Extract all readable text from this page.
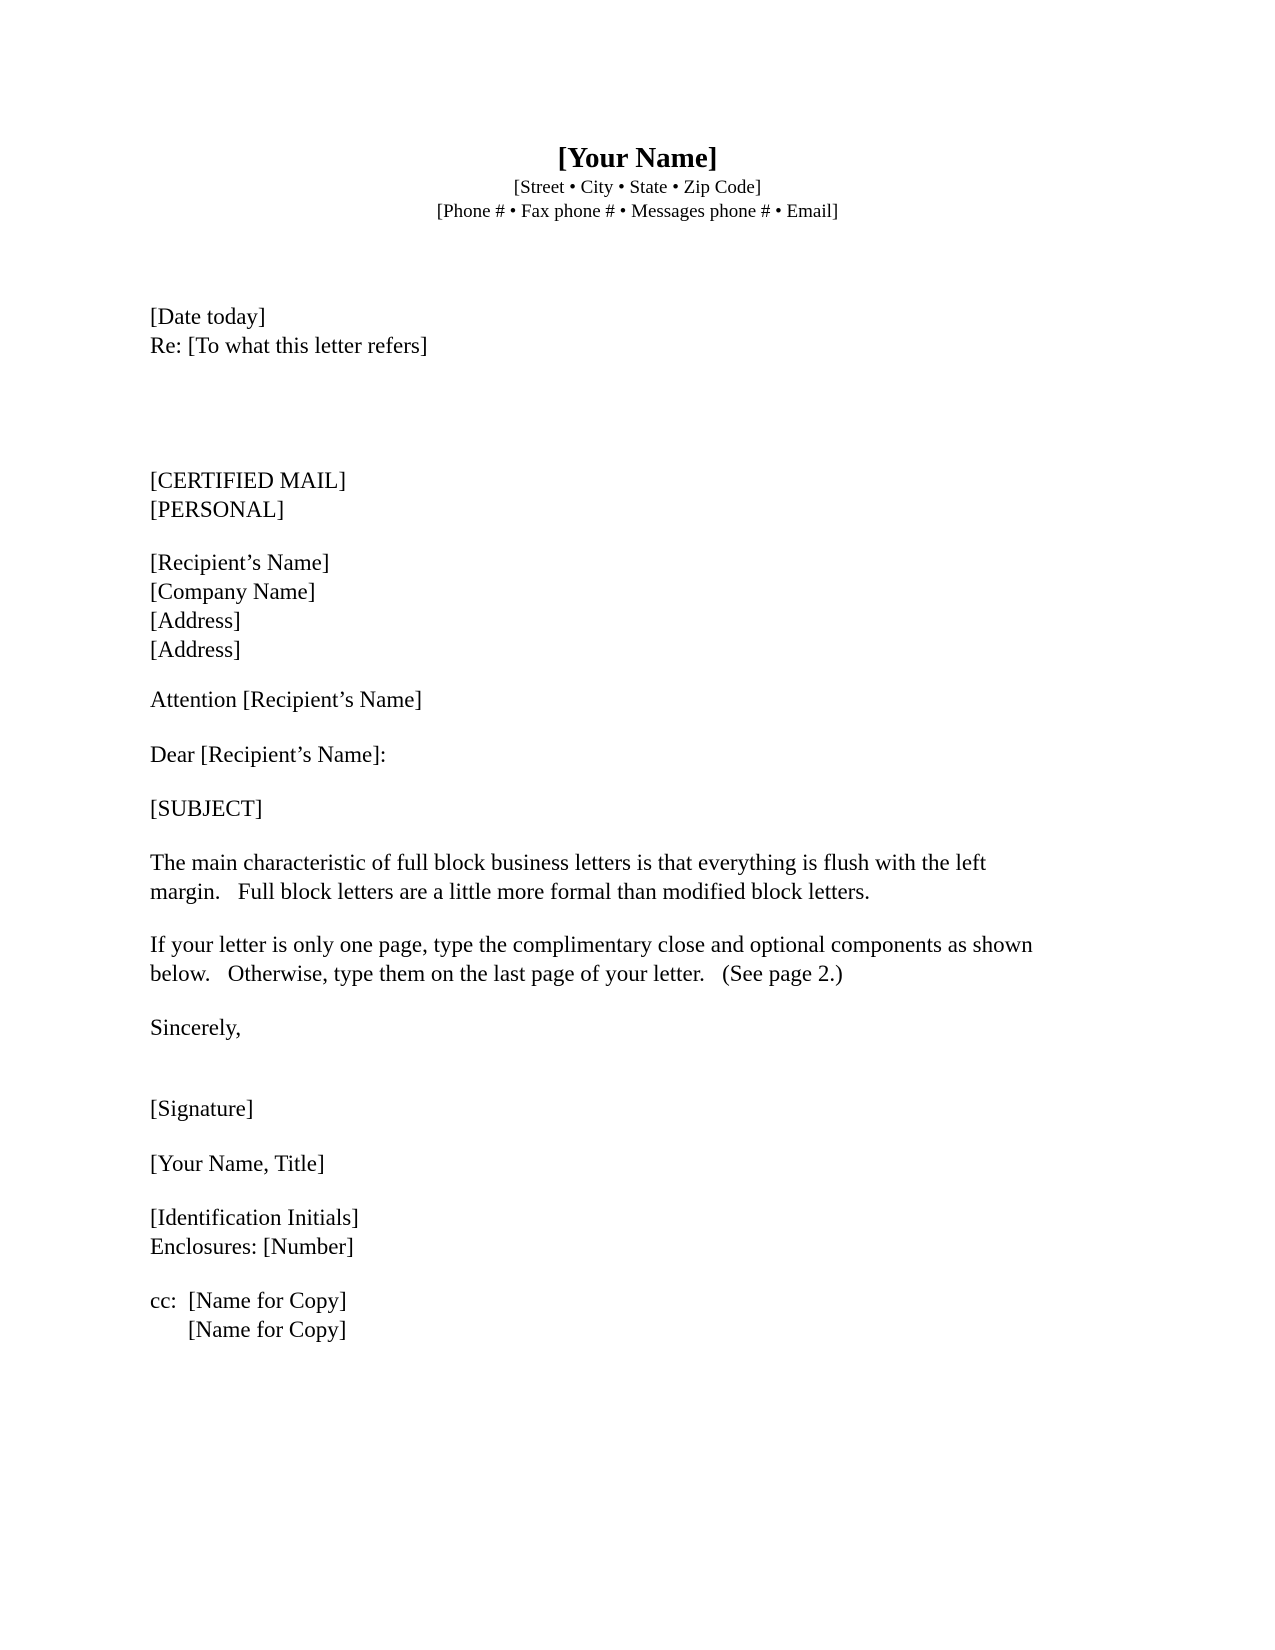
[Your Name]
[Street • City • State • Zip Code]
[Phone # • Fax phone # • Messages phone # • Email]
[Date today]
Re: [To what this letter refers]
[CERTIFIED MAIL]
[PERSONAL]
[Recipient’s Name]
[Company Name]
[Address]
[Address]
Attention [Recipient’s Name]
Dear [Recipient’s Name]:
[SUBJECT]
The main characteristic of full block business letters is that everything is flush with the left
margin.   Full block letters are a little more formal than modified block letters.
If your letter is only one page, type the complimentary close and optional components as shown
below.   Otherwise, type them on the last page of your letter.   (See page 2.)
Sincerely,
[Signature]
[Your Name, Title]
[Identification Initials]
Enclosures: [Number]
cc:  [Name for Copy]
[Name for Copy]
